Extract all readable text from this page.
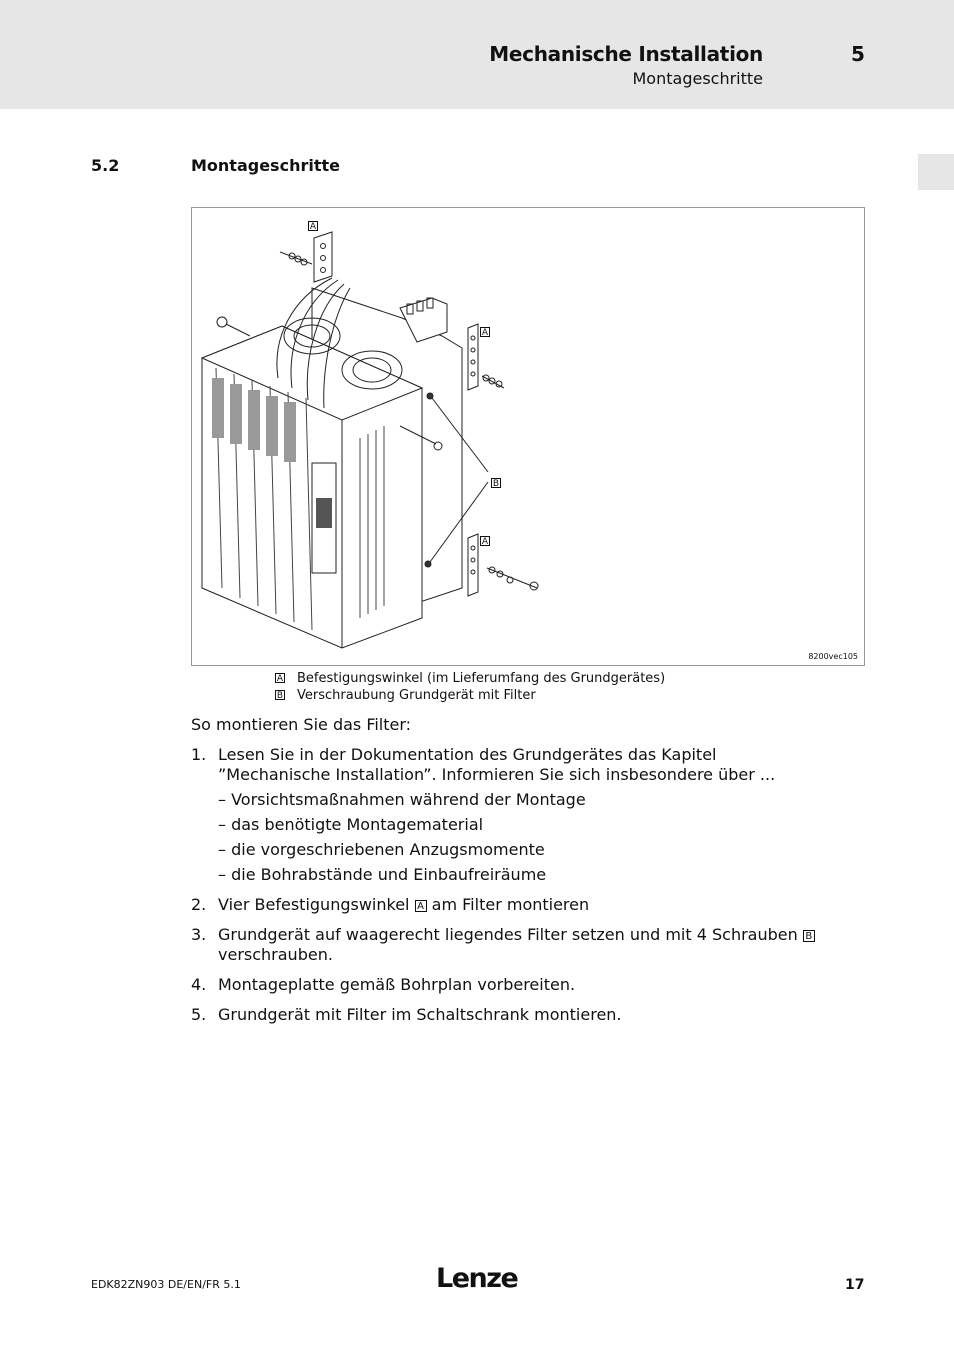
Mechanische Installation	5
Montageschritte
5.2	Montageschritte
A
A
B
A
8200vec105
A Befestigungswinkel (im Lieferumfang des Grundgerätes)
B Verschraubung Grundgerät mit Filter
So montieren Sie das Filter:
1. Lesen Sie in der Dokumentation des Grundgerätes das Kapitel ”Mechanische Installation”. Informieren Sie sich insbesondere über ...
– Vorsichtsmaßnahmen während der Montage
– das benötigte Montagematerial
– die vorgeschriebenen Anzugsmomente
– die Bohrabstände und Einbaufreiräume
2. Vier Befestigungswinkel A am Filter montieren
3. Grundgerät auf waagerecht liegendes Filter setzen und mit 4 Schrauben B verschrauben.
4. Montageplatte gemäß Bohrplan vorbereiten.
5. Grundgerät mit Filter im Schaltschrank montieren.
EDK82ZN903 DE/EN/FR 5.1	Lenze	17
